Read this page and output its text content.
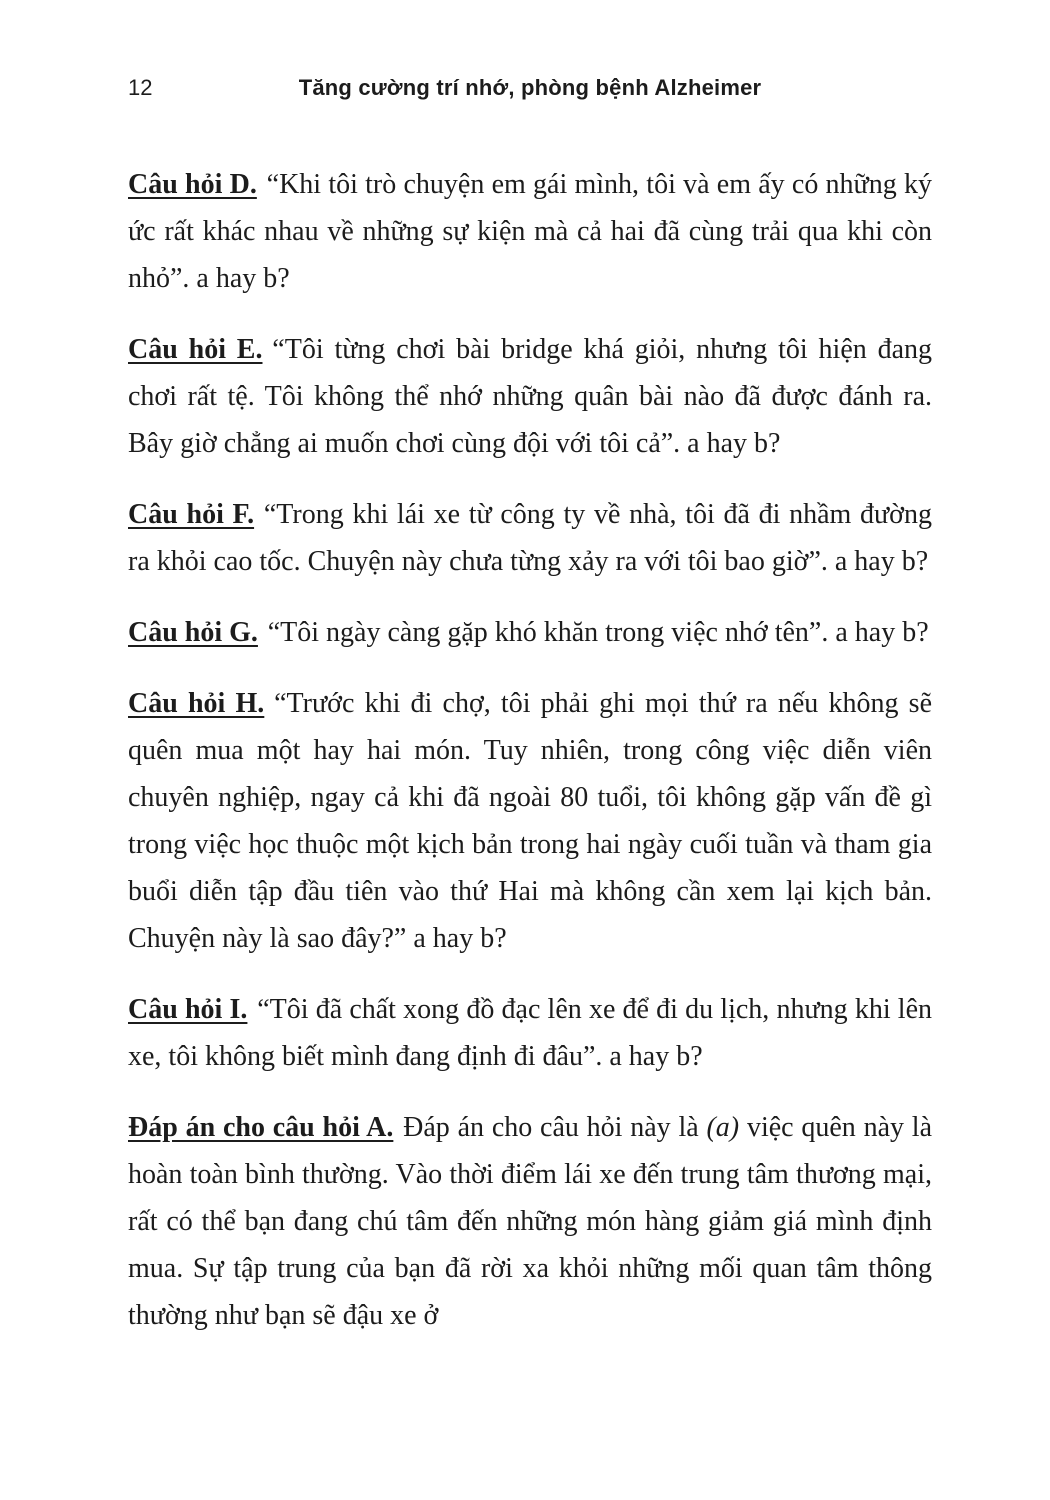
12	Tăng cường trí nhớ, phòng bệnh Alzheimer

Câu hỏi D. “Khi tôi trò chuyện em gái mình, tôi và em ấy có những ký ức rất khác nhau về những sự kiện mà cả hai đã cùng trải qua khi còn nhỏ”. a hay b?

Câu hỏi E. “Tôi từng chơi bài bridge khá giỏi, nhưng tôi hiện đang chơi rất tệ. Tôi không thể nhớ những quân bài nào đã được đánh ra. Bây giờ chẳng ai muốn chơi cùng đội với tôi cả”. a hay b?

Câu hỏi F. “Trong khi lái xe từ công ty về nhà, tôi đã đi nhầm đường ra khỏi cao tốc. Chuyện này chưa từng xảy ra với tôi bao giờ”. a hay b?

Câu hỏi G. “Tôi ngày càng gặp khó khăn trong việc nhớ tên”. a hay b?

Câu hỏi H. “Trước khi đi chợ, tôi phải ghi mọi thứ ra nếu không sẽ quên mua một hay hai món. Tuy nhiên, trong công việc diễn viên chuyên nghiệp, ngay cả khi đã ngoài 80 tuổi, tôi không gặp vấn đề gì trong việc học thuộc một kịch bản trong hai ngày cuối tuần và tham gia buổi diễn tập đầu tiên vào thứ Hai mà không cần xem lại kịch bản. Chuyện này là sao đây?” a hay b?

Câu hỏi I. “Tôi đã chất xong đồ đạc lên xe để đi du lịch, nhưng khi lên xe, tôi không biết mình đang định đi đâu”. a hay b?

Đáp án cho câu hỏi A. Đáp án cho câu hỏi này là (a) việc quên này là hoàn toàn bình thường. Vào thời điểm lái xe đến trung tâm thương mại, rất có thể bạn đang chú tâm đến những món hàng giảm giá mình định mua. Sự tập trung của bạn đã rời xa khỏi những mối quan tâm thông thường như bạn sẽ đậu xe ở
